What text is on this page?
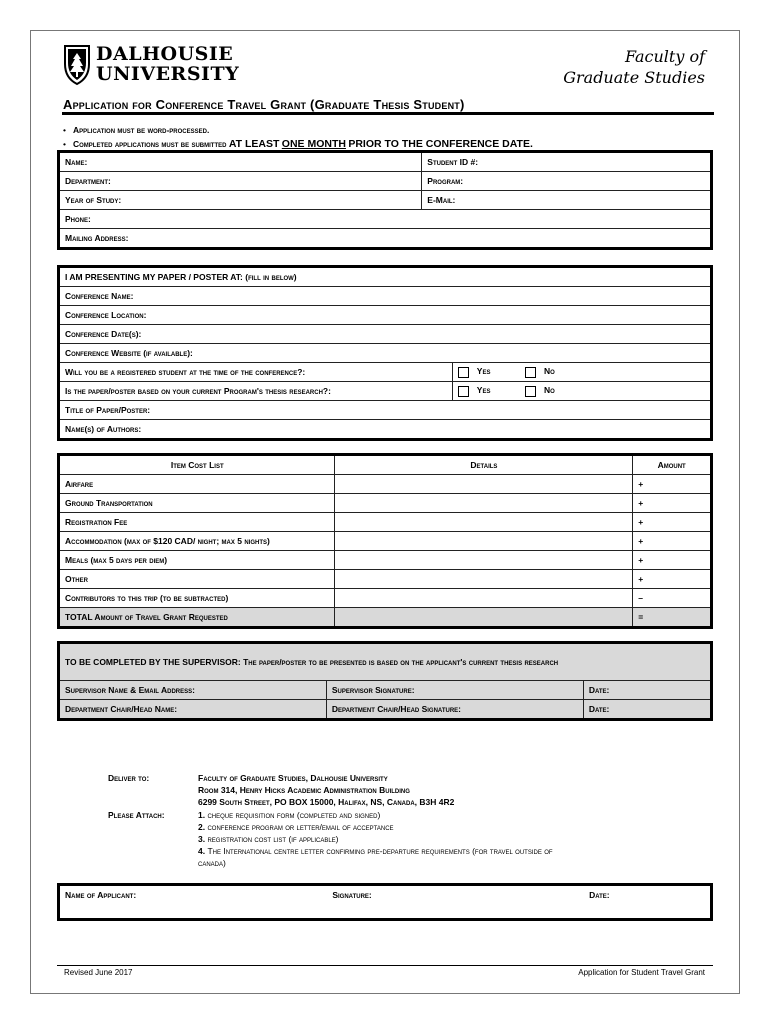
DALHOUSIE
UNIVERSITY
Faculty of
Graduate Studies
Application for Conference Travel Grant (Graduate Thesis Student)
• Application must be word-processed.
• Completed applications must be submitted AT LEAST ONE MONTH PRIOR TO THE CONFERENCE DATE.
Name:	Student ID #:
Department:	Program:
Year of Study:	E-Mail:
Phone:	
Mailing Address:	
I AM PRESENTING MY PAPER / POSTER AT: (fill in below)		
Conference Name:		
Conference Location:		
Conference Date(s):		
Conference Website (if available):		
Will you be a registered student at the time of the conference?:	Yes	No
Is the paper/poster based on your current Program's thesis research?:	Yes	No
Title of Paper/Poster:		
Name(s) of Authors:		
Item Cost List	Details	Amount
Airfare		+
Ground Transportation		+
Registration Fee		+
Accommodation (max of $120 CAD/ night; max 5 nights)		+
Meals (max 5 days per diem)		+
Other		+
Contributors to this trip (to be subtracted)		–
TOTAL Amount of Travel Grant Requested		=
TO BE COMPLETED BY THE SUPERVISOR: The paper/poster to be presented is based on the applicant's current thesis research		
Supervisor Name & Email Address:	Supervisor Signature:	Date:
Department Chair/Head Name:	Department Chair/Head Signature:	Date:
Deliver to:	Faculty of Graduate Studies, Dalhousie University
Room 314, Henry Hicks Academic Administration Building
6299 South Street, PO BOX 15000, Halifax, NS, Canada, B3H 4R2
Please Attach:	1. cheque requisition form (completed and signed)
2. conference program or letter/email of acceptance
3. registration cost list (if applicable)
4. The International centre letter confirming pre-departure requirements (for travel outside of
canada)
Name of Applicant:	Signature:	Date:
Revised June 2017	Application for Student Travel Grant
